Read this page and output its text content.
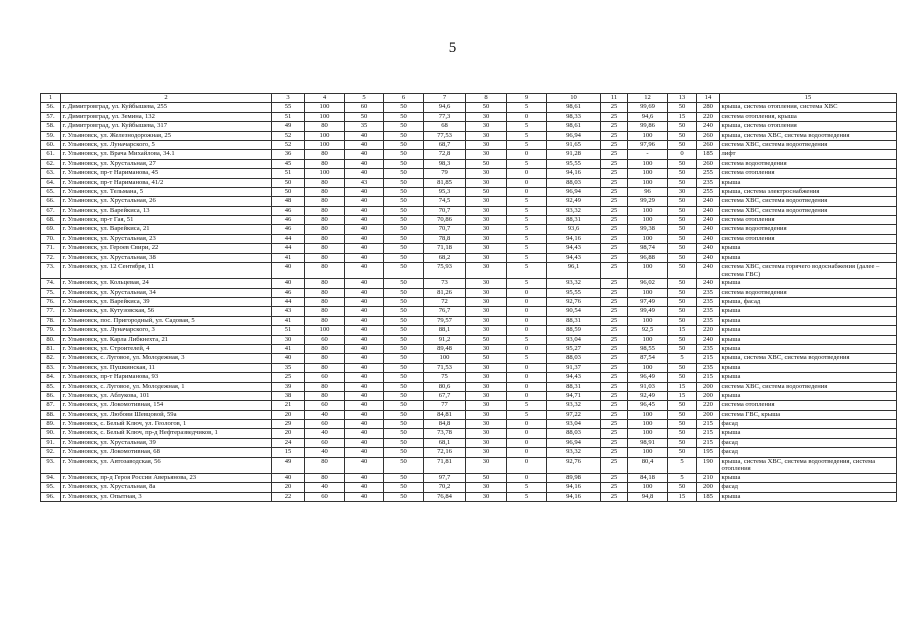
5
1	2	3	4	5	6	7	8	9	10	11	12	13	14	15
56.	г. Димитровград, ул. Куйбышева, 255	55	100	60	50	94,6	50	5	98,61	25	99,69	50	280	крыша, система отопления, система ХВС
57.	г. Димитровград, ул. Земина, 132	51	100	50	50	77,3	30	0	98,33	25	94,6	15	220	система отопления, крыша
58.	г. Димитровград, ул. Куйбышева, 317	49	80	35	50	68	30	5	98,61	25	99,86	50	240	крыша, система отопления
59.	г. Ульяновск, ул. Железнодорожная, 25	52	100	40	50	77,53	30	5	96,94	25	100	50	260	крыша, система ХВС, система водоотведения
60.	г. Ульяновск, ул. Луначарского, 5	52	100	40	50	68,7	30	5	91,65	25	97,96	50	260	система ХВС, система водоотведения
61.	г. Ульяновск, ул. Врача Михайлова, 34.1	36	80	40	50	72,8	30	0	91,28	25	-	0	185	лифт
62.	г. Ульяновск, ул. Хрустальная, 27	45	80	40	50	98,3	50	5	95,55	25	100	50	260	система водоотведения
63.	г. Ульяновск, пр-т Нариманова, 45	51	100	40	50	79	30	0	94,16	25	100	50	255	система отопления
64.	г. Ульяновск, пр-т Нариманова, 41/2	50	80	43	50	81,85	30	0	88,03	25	100	50	235	крыша
65.	г. Ульяновск, ул. Тельмана, 5	50	80	40	50	95,3	50	0	96,94	25	96	30	255	крыша, система электроснабжения
66.	г. Ульяновск, ул. Хрустальная, 26	48	80	40	50	74,5	30	5	92,49	25	99,29	50	240	система ХВС, система водоотведения
67.	г. Ульяновск, ул. Варейкиса, 13	46	80	40	50	70,7	30	5	93,32	25	100	50	240	система ХВС, система водоотведения
68.	г. Ульяновск, пр-т Гая, 51	46	80	40	50	70,86	30	5	88,31	25	100	50	240	система отопления
69.	г. Ульяновск, ул. Варейкиса, 21	46	80	40	50	70,7	30	5	93,6	25	99,38	50	240	система водоотведения
70.	г. Ульяновск, ул. Хрустальная, 23	44	80	40	50	78,8	30	5	94,16	25	100	50	240	система отопления
71.	г. Ульяновск, ул. Героев Свири, 22	44	80	40	50	71,18	30	5	94,43	25	98,74	50	240	крыша
72.	г. Ульяновск, ул. Хрустальная, 38	41	80	40	50	68,2	30	5	94,43	25	96,88	50	240	крыша
73.	г. Ульяновск, ул. 12 Сентября, 11	40	80	40	50	75,93	30	5	96,1	25	100	50	240	система ХВС, система горячего водоснабжения (далее – система ГВС)
74.	г. Ульяновск, ул. Кольцевая, 24	40	80	40	50	73	30	5	93,32	25	96,02	50	240	крыша
75.	г. Ульяновск, ул. Хрустальная, 34	46	80	40	50	81,26	30	0	95,55	25	100	50	235	система водоотведения
76.	г. Ульяновск, ул. Варейкиса, 39	44	80	40	50	72	30	0	92,76	25	97,49	50	235	крыша, фасад
77.	г. Ульяновск, ул. Кутузовская, 56	43	80	40	50	76,7	30	0	90,54	25	99,49	50	235	крыша
78.	г. Ульяновск, пос. Пригородный, ул. Садовая, 5	41	80	40	50	79,57	30	0	88,31	25	100	50	235	крыша
79.	г. Ульяновск, ул. Луначарского, 3	51	100	40	50	88,1	30	0	88,59	25	92,5	15	220	крыша
80.	г. Ульяновск, ул. Карла Либкнехта, 21	30	60	40	50	91,2	50	5	93,04	25	100	50	240	крыша
81.	г. Ульяновск, ул. Строителей, 4	41	80	40	50	89,48	30	0	95,27	25	98,55	50	235	крыша
82.	г. Ульяновск, с. Луговое, ул. Молодежная, 3	40	80	40	50	100	50	5	88,03	25	87,54	5	215	крыша, система ХВС, система водоотведения
83.	г. Ульяновск, ул. Пушкинская, 11	35	80	40	50	71,53	30	0	91,37	25	100	50	235	крыша
84.	г. Ульяновск, пр-т Нариманова, 93	25	60	40	50	75	30	0	94,43	25	96,49	50	215	крыша
85.	г. Ульяновск, с. Луговое, ул. Молодежная, 1	39	80	40	50	80,6	30	0	88,31	25	91,03	15	200	система ХВС, система водоотведения
86.	г. Ульяновск, ул. Аблукова, 101	38	80	40	50	67,7	30	0	94,71	25	92,49	15	200	крыша
87.	г. Ульяновск, ул. Локомотивная, 154	21	60	40	50	77	30	5	93,32	25	96,45	50	220	система отопления
88.	г. Ульяновск, ул. Любови Шевцовой, 59а	20	40	40	50	84,81	30	5	97,22	25	100	50	200	система ГВС, крыша
89.	г. Ульяновск, с. Белый Ключ, ул. Геологов, 1	29	60	40	50	84,8	30	0	93,04	25	100	50	215	фасад
90.	г. Ульяновск, с. Белый Ключ, пр-д Нефтеразведчиков, 1	20	40	40	50	73,78	30	0	88,03	25	100	50	215	крыша
91.	г. Ульяновск, ул. Хрустальная, 39	24	60	40	50	68,1	30	0	96,94	25	98,91	50	215	фасад
92.	г. Ульяновск, ул. Локомотивная, 68	15	40	40	50	72,16	30	0	93,32	25	100	50	195	фасад
93.	г. Ульяновск, ул. Автозаводская, 56	49	80	40	50	71,81	30	0	92,76	25	80,4	5	190	крыша, система ХВС, система водоотведения, система отопления
94.	г. Ульяновск, пр-д Героя России Аверьянова, 23	40	80	40	50	97,7	50	0	89,98	25	84,18	5	210	крыша
95.	г. Ульяновск, ул. Хрустальная, 8а	20	40	40	50	70,2	30	5	94,16	25	100	50	200	фасад
96.	г. Ульяновск, ул. Опытная, 3	22	60	40	50	76,84	30	5	94,16	25	94,8	15	185	крыша
